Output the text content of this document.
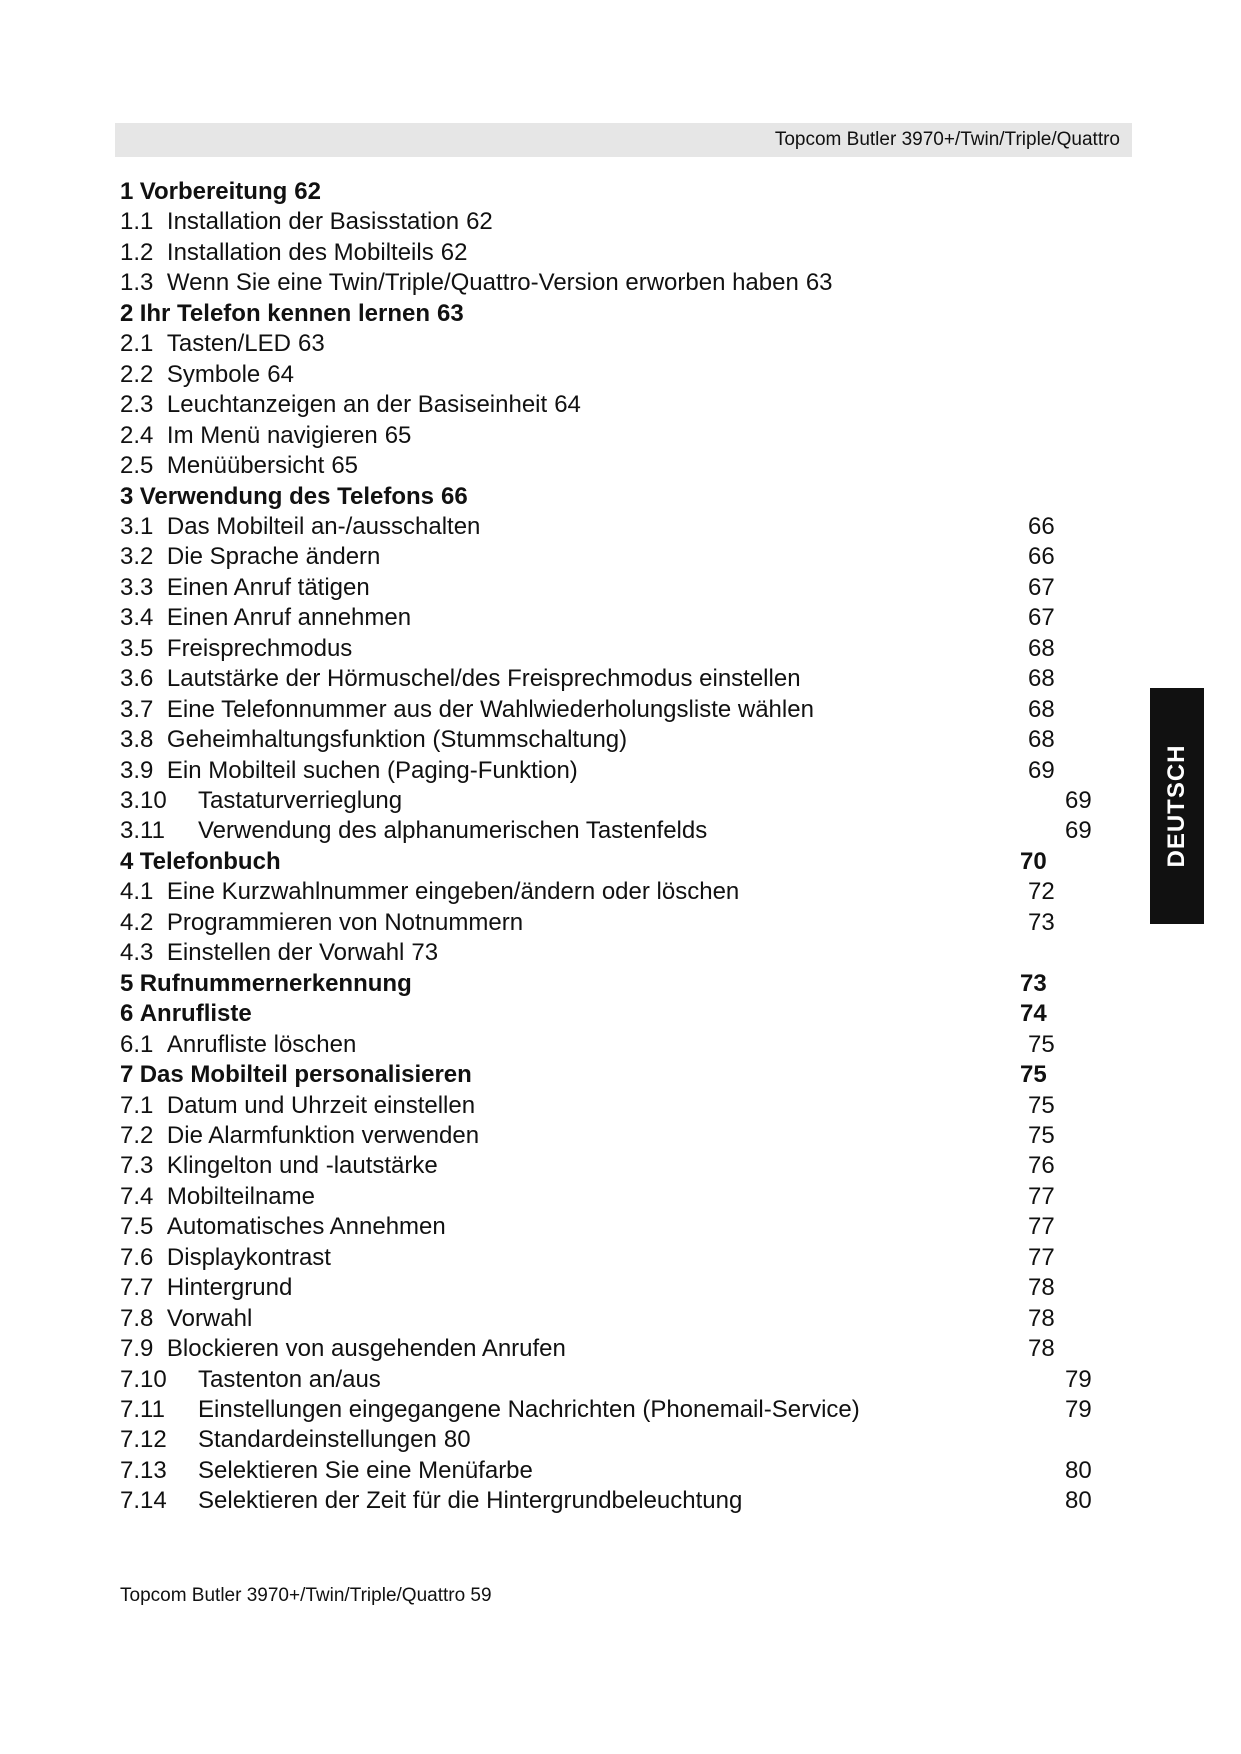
Topcom Butler 3970+/Twin/Triple/Quattro
1 Vorbereitung 62
1.1 Installation der Basisstation 62
1.2 Installation des Mobilteils 62
1.3 Wenn Sie eine Twin/Triple/Quattro-Version erworben haben 63
2 Ihr Telefon kennen lernen 63
2.1 Tasten/LED 63
2.2 Symbole 64
2.3 Leuchtanzeigen an der Basiseinheit 64
2.4 Im Menü navigieren 65
2.5 Menüübersicht 65
3 Verwendung des Telefons 66
3.1 Das Mobilteil an-/ausschalten	66
3.2 Die Sprache ändern	66
3.3 Einen Anruf tätigen	67
3.4 Einen Anruf annehmen	67
3.5 Freisprechmodus	68
3.6 Lautstärke der Hörmuschel/des Freisprechmodus einstellen	68
3.7 Eine Telefonnummer aus der Wahlwiederholungsliste wählen	68
3.8 Geheimhaltungsfunktion (Stummschaltung)	68
3.9 Ein Mobilteil suchen (Paging-Funktion)	69
3.10 Tastaturverrieglung	69
3.11 Verwendung des alphanumerischen Tastenfelds	69
4 Telefonbuch	70
4.1 Eine Kurzwahlnummer eingeben/ändern oder löschen	72
4.2 Programmieren von Notnummern	73
4.3 Einstellen der Vorwahl 73
5 Rufnummernerkennung	73
6 Anrufliste	74
6.1 Anrufliste löschen	75
7 Das Mobilteil personalisieren	75
7.1 Datum und Uhrzeit einstellen	75
7.2 Die Alarmfunktion verwenden	75
7.3 Klingelton und -lautstärke	76
7.4 Mobilteilname	77
7.5 Automatisches Annehmen	77
7.6 Displaykontrast	77
7.7 Hintergrund	78
7.8 Vorwahl	78
7.9 Blockieren von ausgehenden Anrufen	78
7.10 Tastenton an/aus	79
7.11 Einstellungen eingegangene Nachrichten (Phonemail-Service)	79
7.12 Standardeinstellungen 80
7.13 Selektieren Sie eine Menüfarbe	80
7.14 Selektieren der Zeit für die Hintergrundbeleuchtung	80
DEUTSCH
Topcom Butler 3970+/Twin/Triple/Quattro 59
